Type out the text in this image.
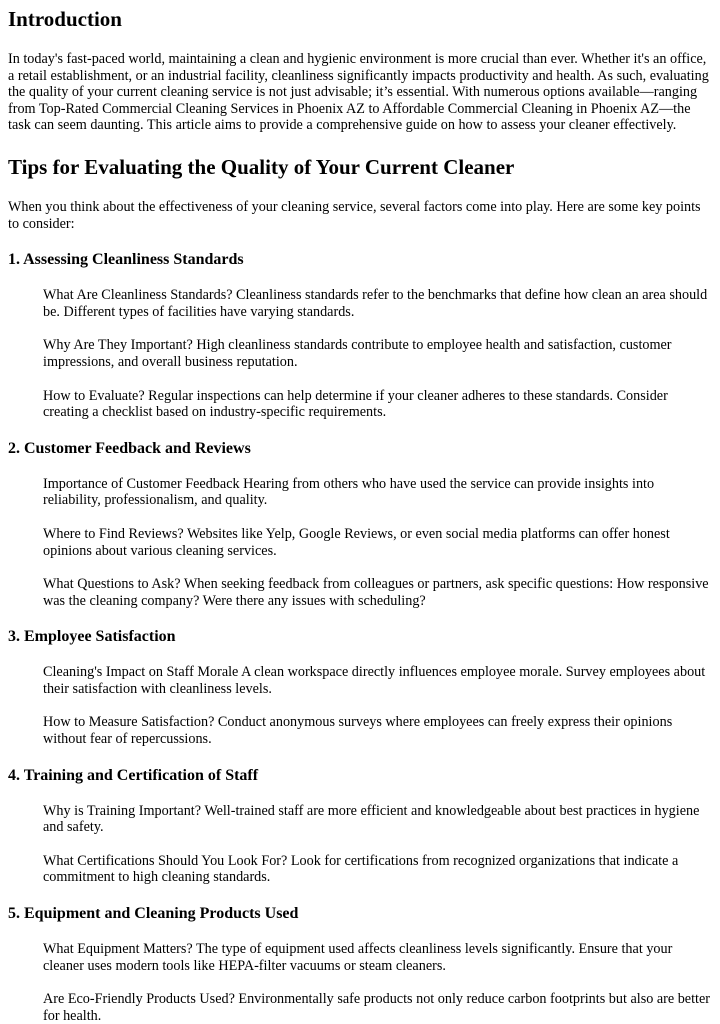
Introduction

In today's fast-paced world, maintaining a clean and hygienic environment is more crucial than ever. Whether it's an office, a retail establishment, or an industrial facility, cleanliness significantly impacts productivity and health. As such, evaluating the quality of your current cleaning service is not just advisable; it’s essential. With numerous options available—ranging from Top-Rated Commercial Cleaning Services in Phoenix AZ to Affordable Commercial Cleaning in Phoenix AZ—the task can seem daunting. This article aims to provide a comprehensive guide on how to assess your cleaner effectively.

Tips for Evaluating the Quality of Your Current Cleaner

When you think about the effectiveness of your cleaning service, several factors come into play. Here are some key points to consider:

1. Assessing Cleanliness Standards

What Are Cleanliness Standards? Cleanliness standards refer to the benchmarks that define how clean an area should be. Different types of facilities have varying standards.

Why Are They Important? High cleanliness standards contribute to employee health and satisfaction, customer impressions, and overall business reputation.

How to Evaluate? Regular inspections can help determine if your cleaner adheres to these standards. Consider creating a checklist based on industry-specific requirements.

2. Customer Feedback and Reviews

Importance of Customer Feedback Hearing from others who have used the service can provide insights into reliability, professionalism, and quality.

Where to Find Reviews? Websites like Yelp, Google Reviews, or even social media platforms can offer honest opinions about various cleaning services.

What Questions to Ask? When seeking feedback from colleagues or partners, ask specific questions: How responsive was the cleaning company? Were there any issues with scheduling?

3. Employee Satisfaction

Cleaning's Impact on Staff Morale A clean workspace directly influences employee morale. Survey employees about their satisfaction with cleanliness levels.

How to Measure Satisfaction? Conduct anonymous surveys where employees can freely express their opinions without fear of repercussions.

4. Training and Certification of Staff

Why is Training Important? Well-trained staff are more efficient and knowledgeable about best practices in hygiene and safety.

What Certifications Should You Look For? Look for certifications from recognized organizations that indicate a commitment to high cleaning standards.

5. Equipment and Cleaning Products Used

What Equipment Matters? The type of equipment used affects cleanliness levels significantly. Ensure that your cleaner uses modern tools like HEPA-filter vacuums or steam cleaners.

Are Eco-Friendly Products Used? Environmentally safe products not only reduce carbon footprints but also are better for health.
